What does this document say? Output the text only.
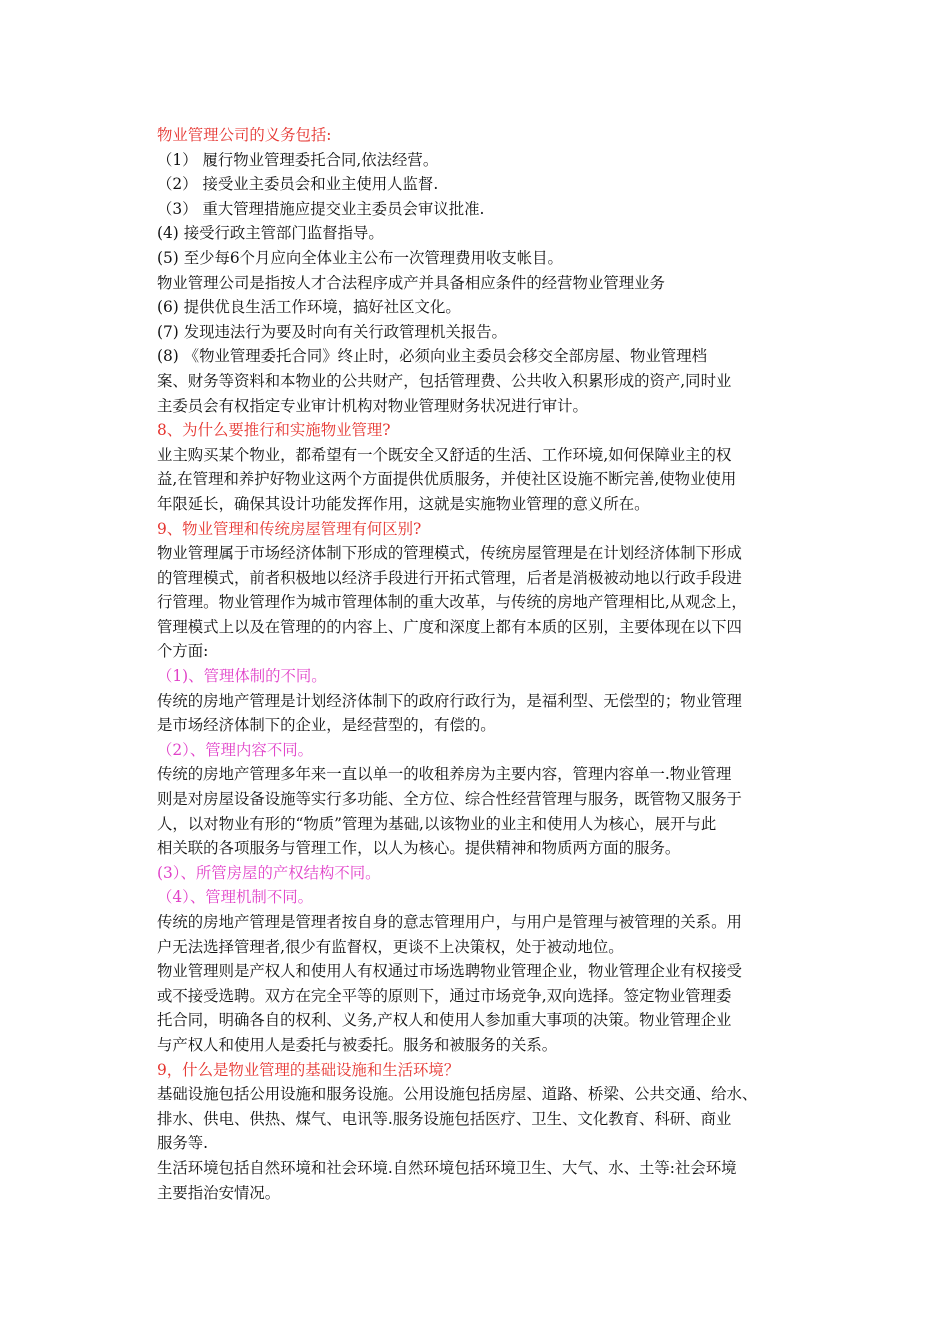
物业管理公司的义务包括:
（1） 履行物业管理委托合同,依法经营。
（2） 接受业主委员会和业主使用人监督.
（3） 重大管理措施应提交业主委员会审议批准.
(4) 接受行政主管部门监督指导。
(5) 至少每6个月应向全体业主公布一次管理费用收支帐目。
物业管理公司是指按人才合法程序成产并具备相应条件的经营物业管理业务
(6) 提供优良生活工作环境，搞好社区文化。
(7) 发现违法行为要及时向有关行政管理机关报告。
(8) 《物业管理委托合同》终止时，必须向业主委员会移交全部房屋、物业管理档
案、财务等资料和本物业的公共财产，包括管理费、公共收入积累形成的资产,同时业
主委员会有权指定专业审计机构对物业管理财务状况进行审计。
8、为什么要推行和实施物业管理?
业主购买某个物业，都希望有一个既安全又舒适的生活、工作环境,如何保障业主的权
益,在管理和养护好物业这两个方面提供优质服务，并使社区设施不断完善,使物业使用
年限延长，确保其设计功能发挥作用，这就是实施物业管理的意义所在。
9、物业管理和传统房屋管理有何区别?
物业管理属于市场经济体制下形成的管理模式，传统房屋管理是在计划经济体制下形成
的管理模式，前者积极地以经济手段进行开拓式管理，后者是消极被动地以行政手段进
行管理。物业管理作为城市管理体制的重大改革，与传统的房地产管理相比,从观念上，
管理模式上以及在管理的的内容上、广度和深度上都有本质的区别，主要体现在以下四
个方面:
（1)、管理体制的不同。
传统的房地产管理是计划经济体制下的政府行政行为，是福利型、无偿型的；物业管理
是市场经济体制下的企业，是经营型的，有偿的。
（2）、管理内容不同。
传统的房地产管理多年来一直以单一的收租养房为主要内容，管理内容单一.物业管理
则是对房屋设备设施等实行多功能、全方位、综合性经营管理与服务，既管物又服务于
人，以对物业有形的“物质”管理为基础,以该物业的业主和使用人为核心，展开与此
相关联的各项服务与管理工作，以人为核心。提供精神和物质两方面的服务。
(3）、所管房屋的产权结构不同。
（4）、管理机制不同。
传统的房地产管理是管理者按自身的意志管理用户，与用户是管理与被管理的关系。用
户无法选择管理者,很少有监督权，更谈不上决策权，处于被动地位。
物业管理则是产权人和使用人有权通过市场选聘物业管理企业，物业管理企业有权接受
或不接受选聘。双方在完全平等的原则下，通过市场竞争,双向选择。签定物业管理委
托合同，明确各自的权利、义务,产权人和使用人参加重大事项的决策。物业管理企业
与产权人和使用人是委托与被委托。服务和被服务的关系。
9，什么是物业管理的基础设施和生活环境？
基础设施包括公用设施和服务设施。公用设施包括房屋、道路、桥梁、公共交通、给水、
排水、供电、供热、煤气、电讯等.服务设施包括医疗、卫生、文化教育、科研、商业
服务等.
生活环境包括自然环境和社会环境.自然环境包括环境卫生、大气、水、土等:社会环境
主要指治安情况。
